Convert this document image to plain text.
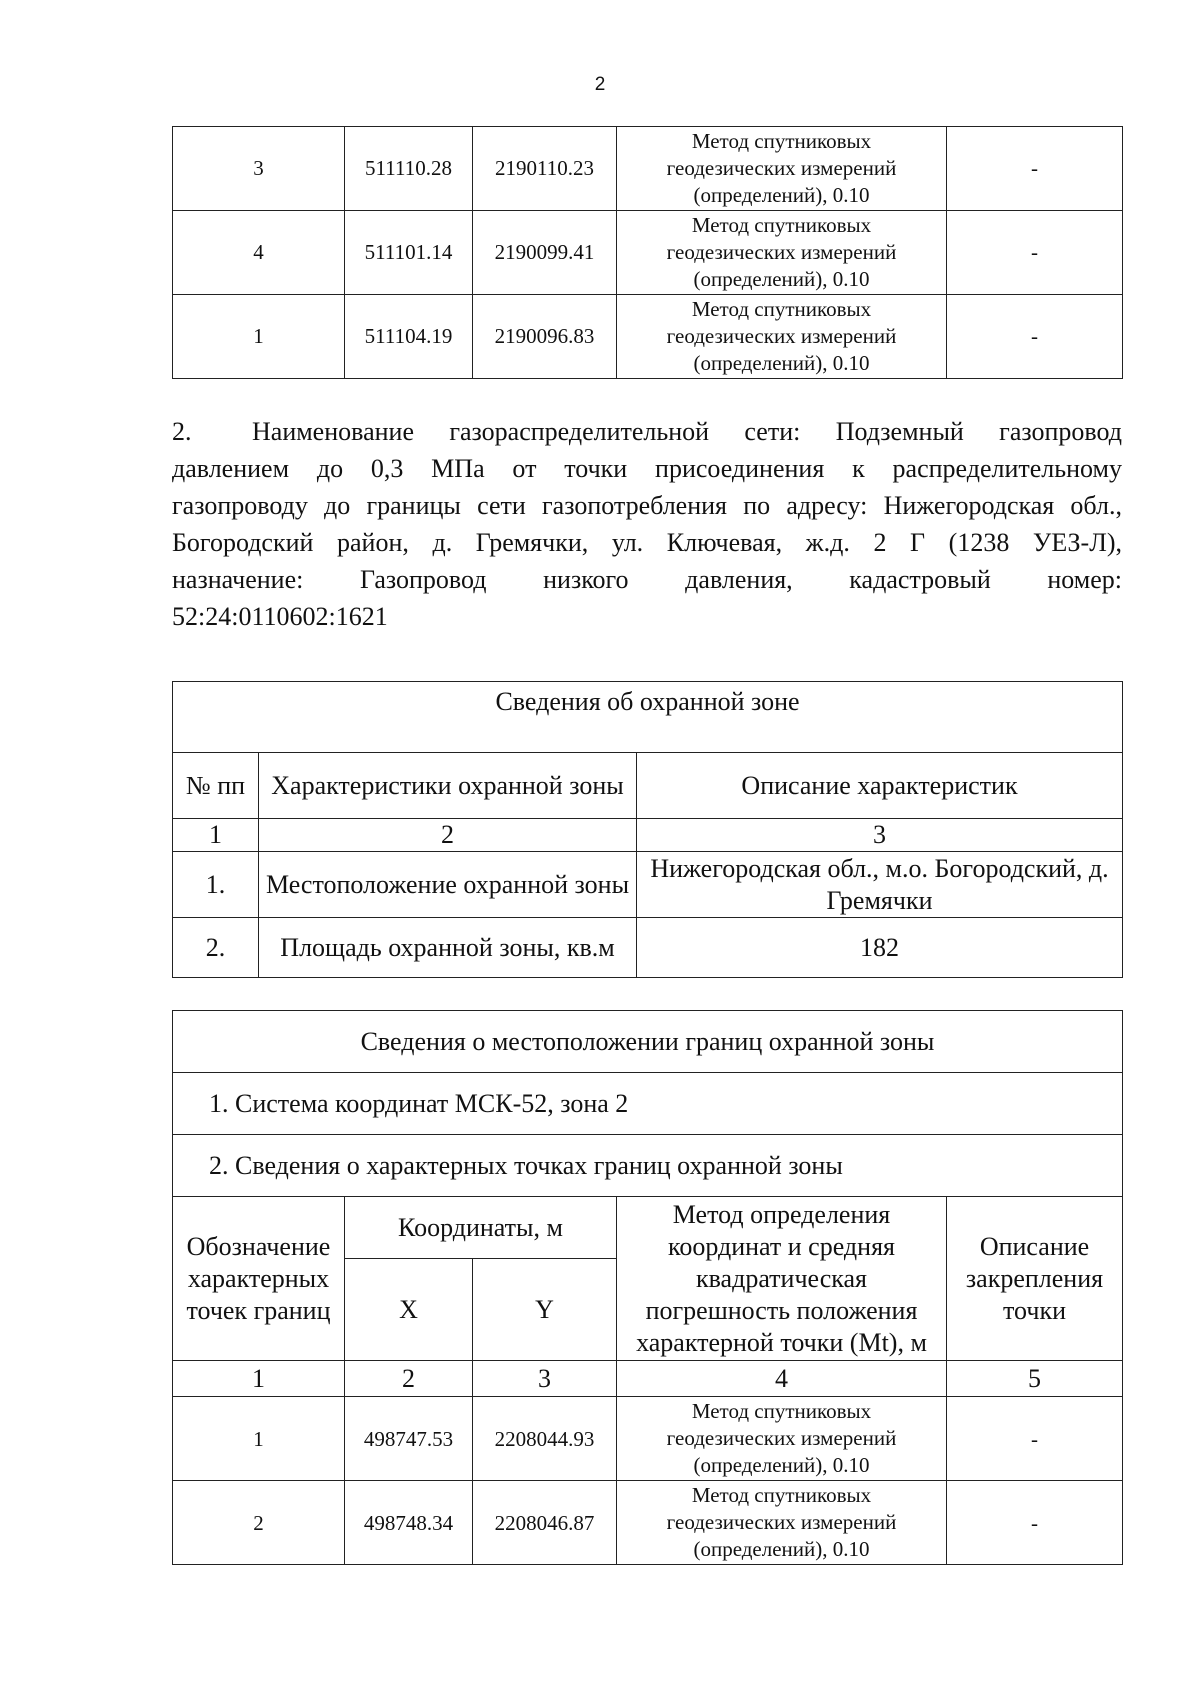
2
3	511110.28	2190110.23	Метод спутниковых
геодезических измерений
(определений), 0.10	-
4	511101.14	2190099.41	Метод спутниковых
геодезических измерений
(определений), 0.10	-
1	511104.19	2190096.83	Метод спутниковых
геодезических измерений
(определений), 0.10	-
2. Наименование газораспределительной сети: Подземный газопровод
давлением до 0,3 МПа от точки присоединения к распределительному
газопроводу до границы сети газопотребления по адресу: Нижегородская обл.,
Богородский район, д. Гремячки, ул. Ключевая, ж.д. 2 Г (1238 УЕЗ-Л),
назначение: Газопровод низкого давления, кадастровый номер:
52:24:0110602:1621
Сведения об охранной зоне		
№ пп	Характеристики охранной зоны	Описание характеристик
1	2	3
1.	Местоположение охранной зоны	Нижегородская обл., м.о. Богородский, д. Гремячки
2.	Площадь охранной зоны, кв.м	182
Сведения о местоположении границ охранной зоны				
1. Система координат МСК-52, зона 2				
2. Сведения о характерных точках границ охранной зоны				
Обозначение характерных точек границ	Координаты, м		Метод определения координат и средняя квадратическая погрешность положения характерной точки (Mt), м	Описание закрепления точки
	X	Y		
1	2	3	4	5
1	498747.53	2208044.93	Метод спутниковых
геодезических измерений
(определений), 0.10	-
2	498748.34	2208046.87	Метод спутниковых
геодезических измерений
(определений), 0.10	-
